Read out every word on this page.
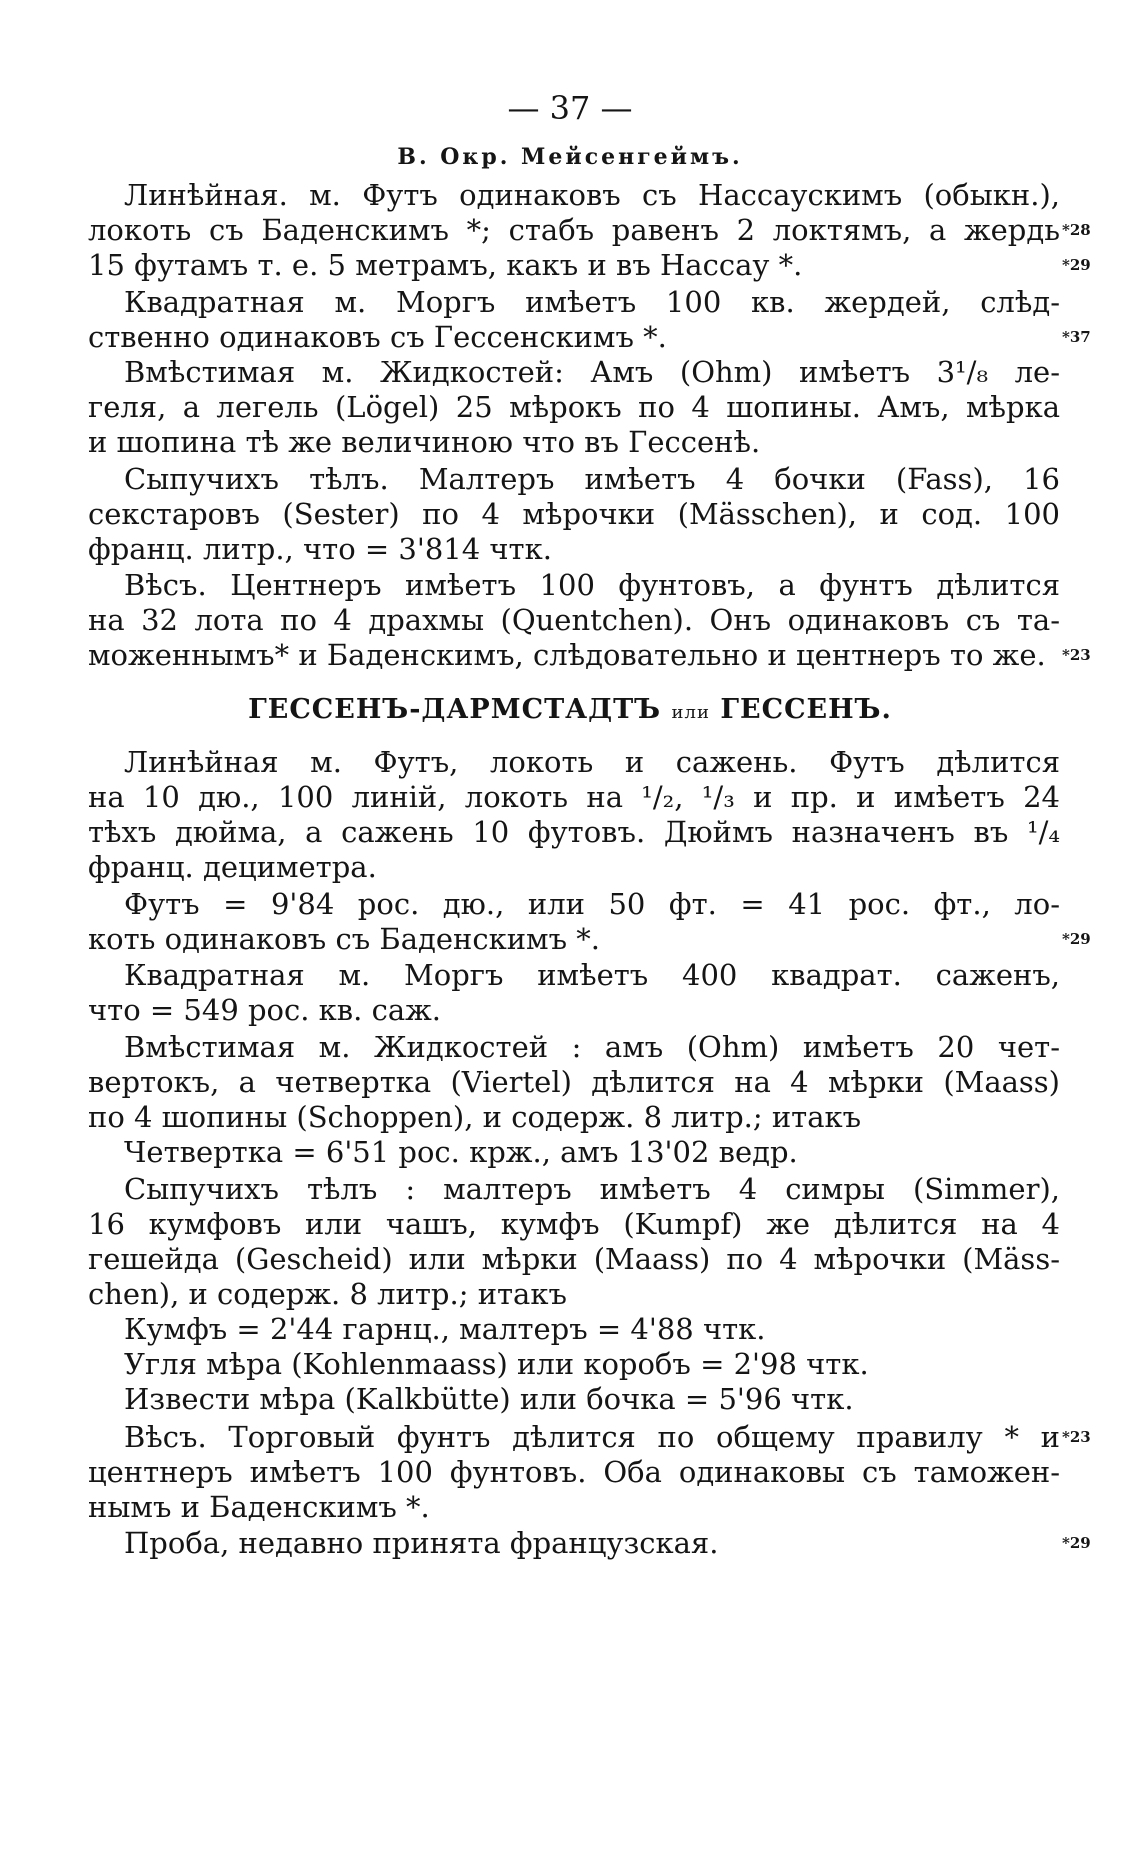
— 37 —
B. Окр. Мейсенгеймъ.
Линѣйная. м. Футъ одинаковъ съ Нассаускимъ (обыкн.),
локоть съ Баденскимъ *; стабъ равенъ 2 локтямъ, а жердь *28
15 футамъ т. е. 5 метрамъ, какъ и въ Нассау *.	*29
Квадратная м. Моргъ имѣетъ 100 кв. жердей, слѣд-
ственно одинаковъ съ Гессенскимъ *.	*37
Вмѣстимая м. Жидкостей: Амъ (Ohm) имѣетъ 3¹/₈ ле-
геля, а легель (Lögel) 25 мѣрокъ по 4 шопины. Амъ, мѣрка
и шопина тѣ же величиною что въ Гессенѣ.
Сыпучихъ тѣлъ. Малтеръ имѣетъ 4 бочки (Fass), 16
секстаровъ (Sester) по 4 мѣрочки (Mässchen), и сод. 100
франц. литр., что = 3'814 чтк.
Вѣсъ. Центнеръ имѣетъ 100 фунтовъ, а фунтъ дѣлится
на 32 лота по 4 драхмы (Quentchen). Онъ одинаковъ съ та-
моженнымъ* и Баденскимъ, слѣдовательно и центнеръ то же.	*23
ГЕССЕНЪ-ДАРМСТАДТЪ или ГЕССЕНЪ.
Линѣйная м. Футъ, локоть и сажень. Футъ дѣлится
на 10 дю., 100 линій, локоть на ¹/₂, ¹/₃ и пр. и имѣетъ 24
тѣхъ дюйма, а сажень 10 футовъ. Дюймъ назначенъ въ ¹/₄
франц. дециметра.
Футъ = 9'84 рос. дю., или 50 фт. = 41 рос. фт., ло-
коть одинаковъ съ Баденскимъ *.	*29
Квадратная м. Моргъ имѣетъ 400 квадрат. саженъ,
что = 549 рос. кв. саж.
Вмѣстимая м. Жидкостей : амъ (Ohm) имѣетъ 20 чет-
вертокъ, а четвертка (Viertel) дѣлится на 4 мѣрки (Maass)
по 4 шопины (Schoppen), и содерж. 8 литр.; итакъ
Четвертка = 6'51 рос. крж., амъ 13'02 ведр.
Сыпучихъ тѣлъ : малтеръ имѣетъ 4 симры (Simmer),
16 кумфовъ или чашъ, кумфъ (Kumpf) же дѣлится на 4
гешейда (Gescheid) или мѣрки (Maass) по 4 мѣрочки (Mäss-
chen), и содерж. 8 литр.; итакъ
Кумфъ = 2'44 гарнц., малтеръ = 4'88 чтк.
Угля мѣра (Kohlenmaass) или коробъ = 2'98 чтк.
Извести мѣра (Kalkbütte) или бочка = 5'96 чтк.
Вѣсъ. Торговый фунтъ дѣлится по общему правилу * и *23
центнеръ имѣетъ 100 фунтовъ. Оба одинаковы съ таможен-
нымъ и Баденскимъ *.
Проба, недавно принята французская.	*29
